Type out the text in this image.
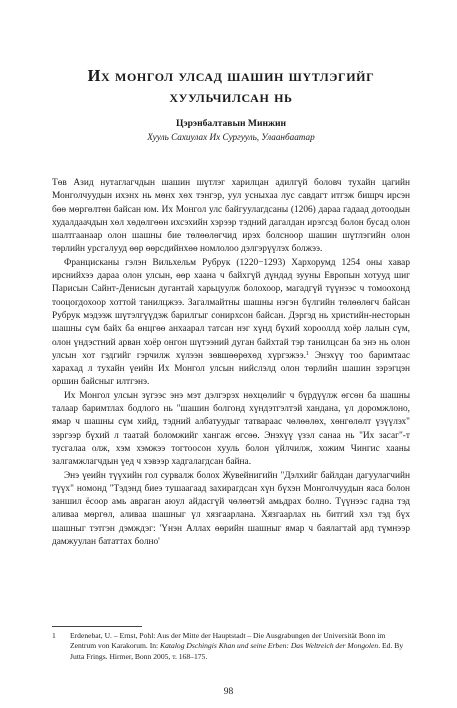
Их монгол улсад шашин шүтлэгийг
хуульчилсан нь
Цэрэнбалтавын Минжин
Хууль Сахиулах Их Сургууль, Улаанбаатар

Төв Азид нутаглагчдын шашин шүтлэг харилцан адилгүй боловч тухайн цагийн Монголчуудын ихэнх нь мөнх хөх тэнгэр, уул усныхаа лус савдагт итгэж бишрч ирсэн бөө мөргөлтөн байсан юм. Их Монгол улс байгуулагдсаны (1206) дараа гадаад дотоодын худалдаачдын хөл хөдөлгөөн ихсэхийн хэрээр тэдний дагалдан ирэгсэд болон бусад олон шалтгаанаар олон шашны бие төлөөлөгчид ирэх болсноор шашин шүтлэгийн олон төрлийн урсгалууд өөр өөрсдийнхөө номлолоо дэлгэрүүлэх болжээ.

Францисканы гэлэн Вильхельм Рубрук (1220−1293) Хархорумд 1254 оны хавар ирснийхээ дараа олон улсын, өөр хаана ч байхгүй дүндад зууны Европын хотууд шиг Парисын Сайнт-Денисын дугантай харьцуулж болохоор, магадгүй түүнээс ч томоохонд тооцогдохоор хоттой танилцжээ. Загалмайтны шашны нэгэн бүлгийн төлөөлөгч байсан Рубрук мэдээж шүтэлгүүдэж барилгыг сонирхсон байсан. Дэргэд нь христийн-несторын шашны сүм байх ба өнцгөө анхаарал татсан нэг хүнд бүхий хорооллд хоёр лалын сүм, олон үндэстний арван хоёр онгон шүтээний дуган байхтай тэр танилцсан ба энэ нь олон улсын хот гэдгийг гэрчилж хүлээн зөвшөөрөхөд хүргэжээ.$^1$ Энэхүү тоо баримтаас харахад л тухайн үеийн Их Монгол улсын нийслэлд олон төрлийн шашин зэрэгцэн оршин байсныг илтгэнэ.

Их Монгол улсын зүгээс энэ мэт дэлгэрэх нөхцөлийг ч бүрдүүлж өгсөн ба шашны талаар баримтлах бодлого нь "шашин болгонд хүндэтгэлтэй хандана, үл доромжлоно, ямар ч шашны сүм хийд, тэдний албатуудыг татвараас чөлөөлөх, хөнгөлөлт үзүүлэх" зэргээр бүхий л таатай боломжийг хангаж өгсөө. Энэхүү үзэл санаа нь "Их засаг"-т тусгалаа олж, хэм хэмжээ тогтоосон хууль болон үйлчилж, хожим Чингис хааны залгамжлагчдын үед ч хэвээр хадгалагдсан байна.

Энэ үеийн түүхийн гол сурвалж болох Жувейнигийн "Дэлхийг байлдан дагуулагчийн түүх" номонд "Тэдэнд биеэ тушаагаад захирагдсан хүн бүхэн Монголчуудын яаса болон заншил ёсоор амь авраган аюул айдасгүй чөлөөтэй амьдрах болно. Түүнээс гадна тэд аливаа мөргөл, аливаа шашныг үл хязгаарлана. Хязгаарлах нь битгий хэл тэд бүх шашныг тэтгэн дэмждэг: 'Үнэн Аллах өөрийн шашныг ямар ч баялагтай ард түмнээр дамжуулан бататтах болно'

1	Erdenebat, U. – Ernst, Pohl: Aus der Mitte der Hauptstadt – Die Ausgrabungen der Universität Bonn im Zentrum von Karakorum. In: Katalog Dschingis Khan und seine Erben: Das Weltreich der Mongolen. Ed. By Jutta Frings. Hirmer, Bonn 2005, т. 168–175.
98
